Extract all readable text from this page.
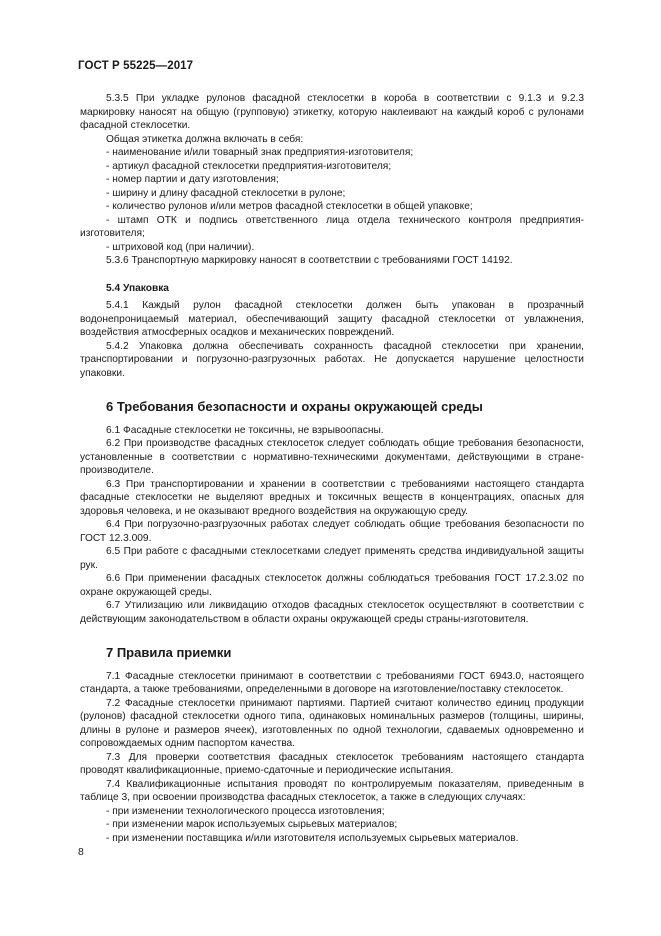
ГОСТ Р 55225—2017

5.3.5 При укладке рулонов фасадной стеклосетки в короба в соответствии с 9.1.3 и 9.2.3 маркировку наносят на общую (групповую) этикетку, которую наклеивают на каждый короб с рулонами фасадной стеклосетки.

Общая этикетка должна включать в себя:

- наименование и/или товарный знак предприятия-изготовителя;

- артикул фасадной стеклосетки предприятия-изготовителя;

- номер партии и дату изготовления;

- ширину и длину фасадной стеклосетки в рулоне;

- количество рулонов и/или метров фасадной стеклосетки в общей упаковке;

- штамп ОТК и подпись ответственного лица отдела технического контроля предприятия-изготовителя;

- штриховой код (при наличии).

5.3.6 Транспортную маркировку наносят в соответствии с требованиями ГОСТ 14192.

5.4 Упаковка

5.4.1 Каждый рулон фасадной стеклосетки должен быть упакован в прозрачный водонепроницаемый материал, обеспечивающий защиту фасадной стеклосетки от увлажнения, воздействия атмосферных осадков и механических повреждений.

5.4.2 Упаковка должна обеспечивать сохранность фасадной стеклосетки при хранении, транспортировании и погрузочно-разгрузочных работах. Не допускается нарушение целостности упаковки.

6 Требования безопасности и охраны окружающей среды

6.1 Фасадные стеклосетки не токсичны, не взрывоопасны.

6.2 При производстве фасадных стеклосеток следует соблюдать общие требования безопасности, установленные в соответствии с нормативно-техническими документами, действующими в стране-производителе.

6.3 При транспортировании и хранении в соответствии с требованиями настоящего стандарта фасадные стеклосетки не выделяют вредных и токсичных веществ в концентрациях, опасных для здоровья человека, и не оказывают вредного воздействия на окружающую среду.

6.4 При погрузочно-разгрузочных работах следует соблюдать общие требования безопасности по ГОСТ 12.3.009.

6.5 При работе с фасадными стеклосетками следует применять средства индивидуальной защиты рук.

6.6 При применении фасадных стеклосеток должны соблюдаться требования ГОСТ 17.2.3.02 по охране окружающей среды.

6.7 Утилизацию или ликвидацию отходов фасадных стеклосеток осуществляют в соответствии с действующим законодательством в области охраны окружающей среды страны-изготовителя.

7 Правила приемки

7.1 Фасадные стеклосетки принимают в соответствии с требованиями ГОСТ 6943.0, настоящего стандарта, а также требованиями, определенными в договоре на изготовление/поставку стеклосеток.

7.2 Фасадные стеклосетки принимают партиями. Партией считают количество единиц продукции (рулонов) фасадной стеклосетки одного типа, одинаковых номинальных размеров (толщины, ширины, длины в рулоне и размеров ячеек), изготовленных по одной технологии, сдаваемых одновременно и сопровождаемых одним паспортом качества.

7.3 Для проверки соответствия фасадных стеклосеток требованиям настоящего стандарта проводят квалификационные, приемо-сдаточные и периодические испытания.

7.4 Квалификационные испытания проводят по контролируемым показателям, приведенным в таблице 3, при освоении производства фасадных стеклосеток, а также в следующих случаях:

- при изменении технологического процесса изготовления;

- при изменении марок используемых сырьевых материалов;

- при изменении поставщика и/или изготовителя используемых сырьевых материалов.

8
